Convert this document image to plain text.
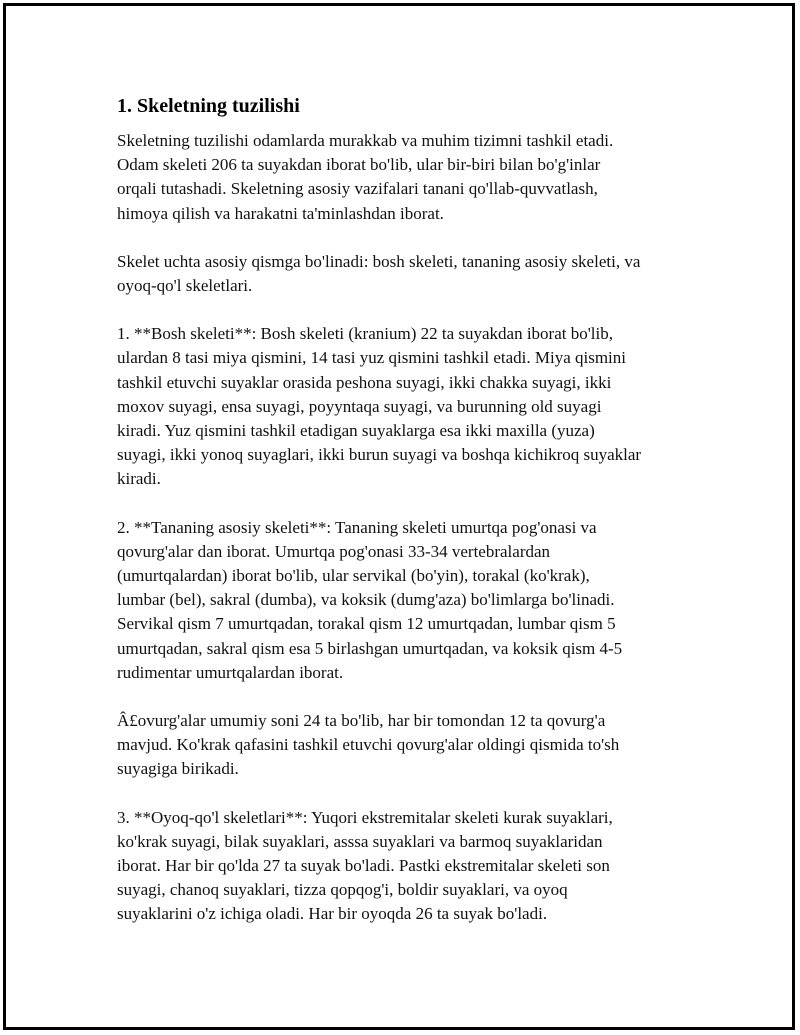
1. Skeletning tuzilishi

Skeletning tuzilishi odamlarda murakkab va muhim tizimni tashkil etadi.
Odam skeleti 206 ta suyakdan iborat bo'lib, ular bir-biri bilan bo'g'inlar
orqali tutashadi. Skeletning asosiy vazifalari tanani qo'llab-quvvatlash,
himoya qilish va harakatni ta'minlashdan iborat.

Skelet uchta asosiy qismga bo'linadi: bosh skeleti, tananing asosiy skeleti, va
oyoq-qo'l skeletlari.

1. **Bosh skeleti**: Bosh skeleti (kranium) 22 ta suyakdan iborat bo'lib,
ulardan 8 tasi miya qismini, 14 tasi yuz qismini tashkil etadi. Miya qismini
tashkil etuvchi suyaklar orasida peshona suyagi, ikki chakka suyagi, ikki
moxov suyagi, ensa suyagi, poyyntaqa suyagi, va burunning old suyagi
kiradi. Yuz qismini tashkil etadigan suyaklarga esa ikki maxilla (yuza)
suyagi, ikki yonoq suyaglari, ikki burun suyagi va boshqa kichikroq suyaklar
kiradi.

2. **Tananing asosiy skeleti**: Tananing skeleti umurtqa pog'onasi va
qovurg'alar dan iborat. Umurtqa pog'onasi 33-34 vertebralardan
(umurtqalardan) iborat bo'lib, ular servikal (bo'yin), torakal (ko'krak),
lumbar (bel), sakral (dumba), va koksik (dumg'aza) bo'limlarga bo'linadi.
Servikal qism 7 umurtqadan, torakal qism 12 umurtqadan, lumbar qism 5
umurtqadan, sakral qism esa 5 birlashgan umurtqadan, va koksik qism 4-5
rudimentar umurtqalardan iborat.

Â£ovurg'alar umumiy soni 24 ta bo'lib, har bir tomondan 12 ta qovurg'a
mavjud. Ko'krak qafasini tashkil etuvchi qovurg'alar oldingi qismida to'sh
suyagiga birikadi.

3. **Oyoq-qo'l skeletlari**: Yuqori ekstremitalar skeleti kurak suyaklari,
ko'krak suyagi, bilak suyaklari, asssa suyaklari va barmoq suyaklaridan
iborat. Har bir qo'lda 27 ta suyak bo'ladi. Pastki ekstremitalar skeleti son
suyagi, chanoq suyaklari, tizza qopqog'i, boldir suyaklari, va oyoq
suyaklarini o'z ichiga oladi. Har bir oyoqda 26 ta suyak bo'ladi.
